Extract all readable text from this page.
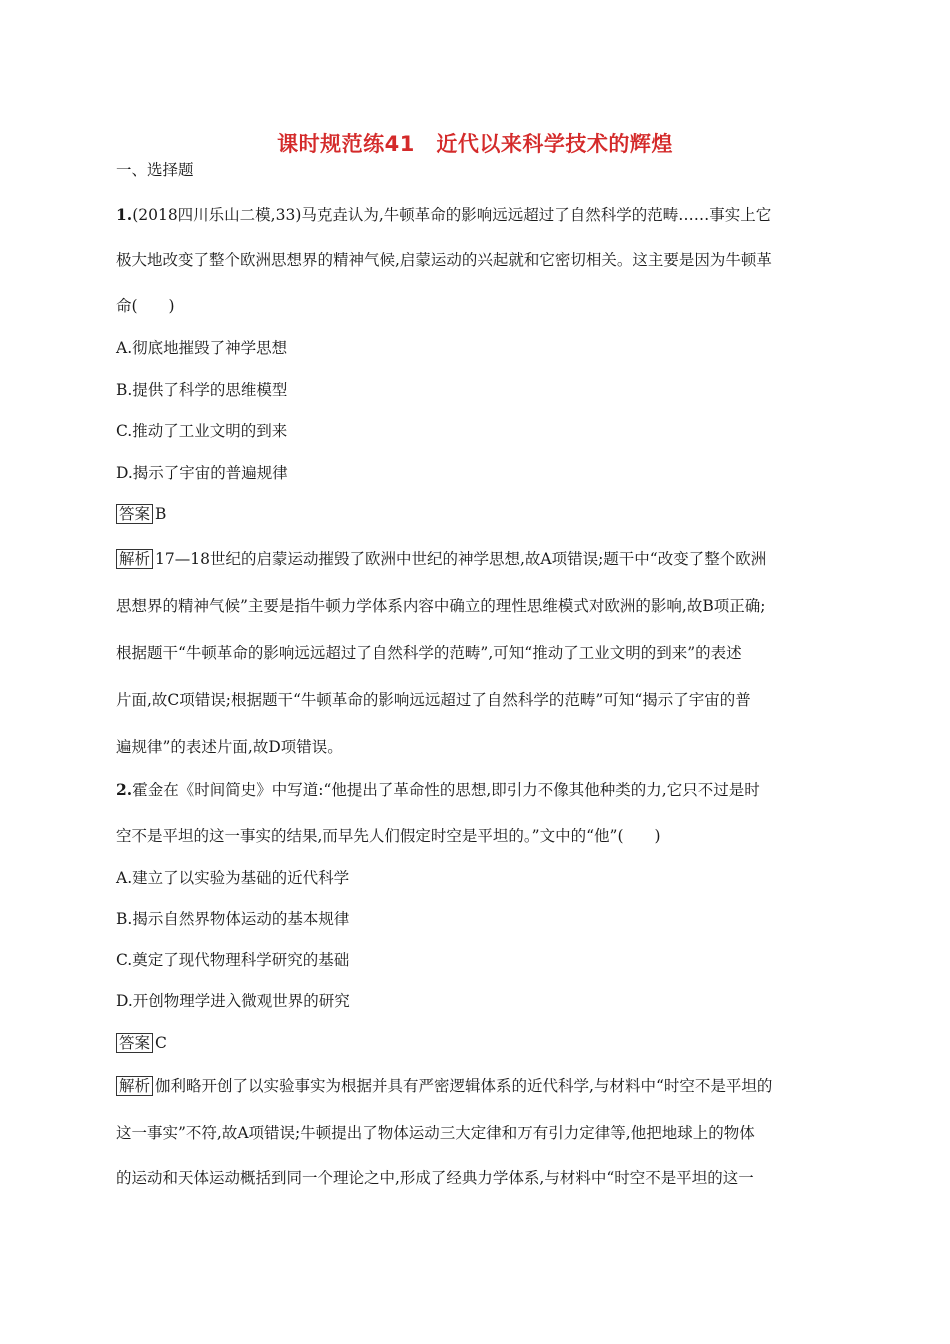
课时规范练41　近代以来科学技术的辉煌
一、选择题
1.(2018四川乐山二模,33)马克垚认为,牛顿革命的影响远远超过了自然科学的范畴……事实上它
极大地改变了整个欧洲思想界的精神气候,启蒙运动的兴起就和它密切相关。这主要是因为牛顿革
命(　　)
A.彻底地摧毁了神学思想
B.提供了科学的思维模型
C.推动了工业文明的到来
D.揭示了宇宙的普遍规律
答案 B
解析 17—18世纪的启蒙运动摧毁了欧洲中世纪的神学思想,故A项错误;题干中“改变了整个欧洲
思想界的精神气候”主要是指牛顿力学体系内容中确立的理性思维模式对欧洲的影响,故B项正确;
根据题干“牛顿革命的影响远远超过了自然科学的范畴”,可知“推动了工业文明的到来”的表述
片面,故C项错误;根据题干“牛顿革命的影响远远超过了自然科学的范畴”可知“揭示了宇宙的普
遍规律”的表述片面,故D项错误。
2.霍金在《时间简史》中写道:“他提出了革命性的思想,即引力不像其他种类的力,它只不过是时
空不是平坦的这一事实的结果,而早先人们假定时空是平坦的。”文中的“他”(　　)
A.建立了以实验为基础的近代科学
B.揭示自然界物体运动的基本规律
C.奠定了现代物理科学研究的基础
D.开创物理学进入微观世界的研究
答案 C
解析 伽利略开创了以实验事实为根据并具有严密逻辑体系的近代科学,与材料中“时空不是平坦的
这一事实”不符,故A项错误;牛顿提出了物体运动三大定律和万有引力定律等,他把地球上的物体
的运动和天体运动概括到同一个理论之中,形成了经典力学体系,与材料中“时空不是平坦的这一
